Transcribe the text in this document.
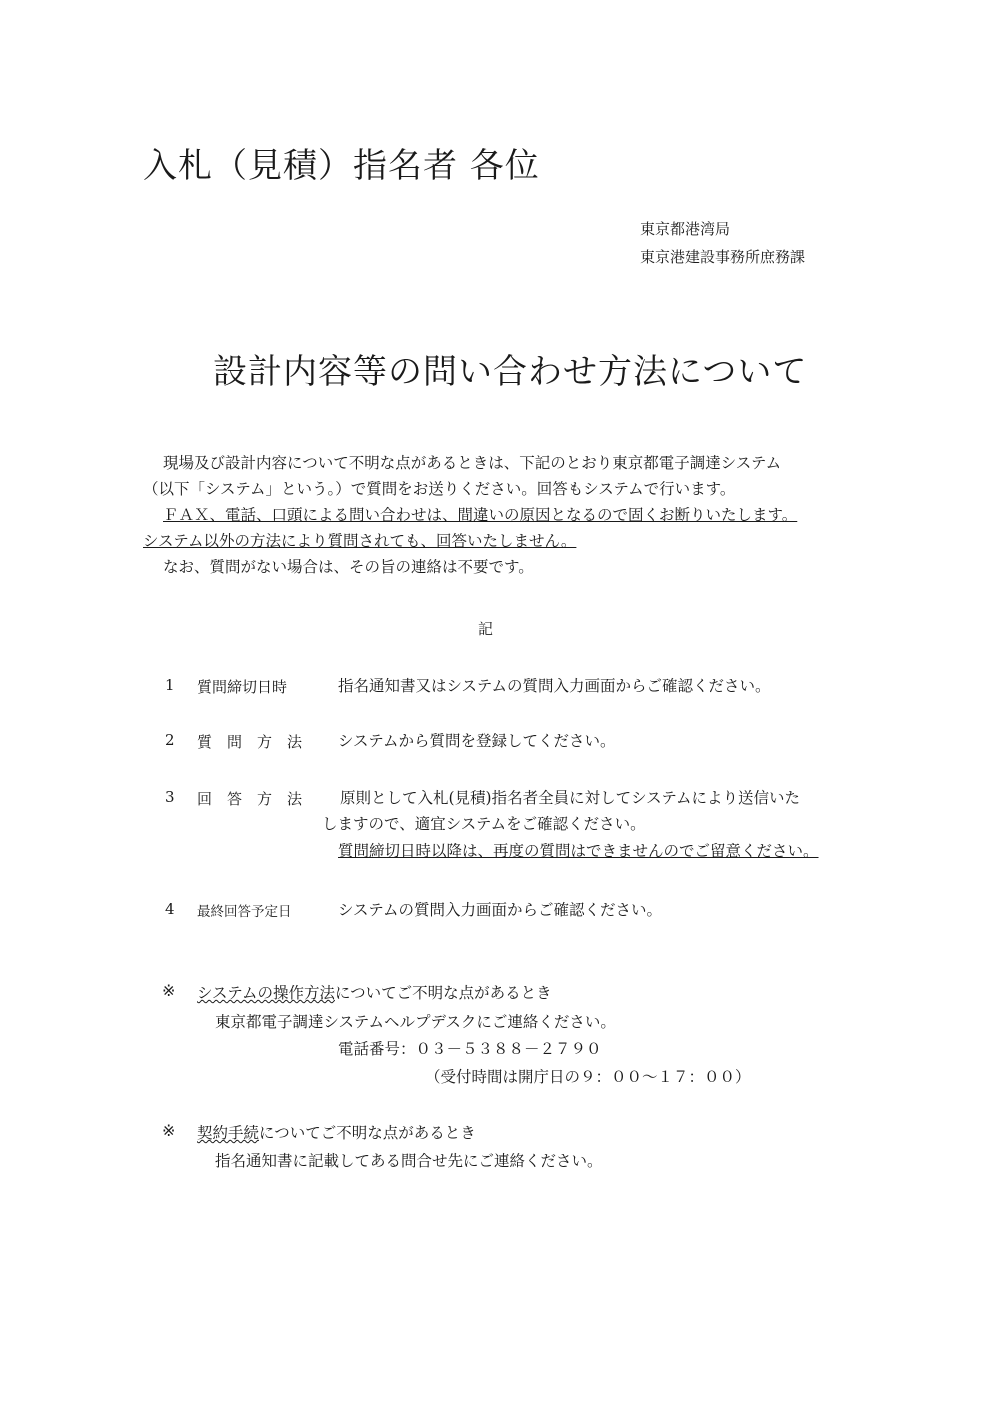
入札（見積）指名者 各位
東京都港湾局
東京港建設事務所庶務課
設計内容等の問い合わせ方法について

現場及び設計内容について不明な点があるときは、下記のとおり東京都電子調達システム

（以下「システム」という。）で質問をお送りください。回答もシステムで行います。

ＦＡＸ、電話、口頭による問い合わせは、間違いの原因となるので固くお断りいたします。

システム以外の方法により質問されても、回答いたしません。

なお、質問がない場合は、その旨の連絡は不要です。

記
1 質問締切日時	指名通知書又はシステムの質問入力画面からご確認ください。
2 質　問　方　法 システムから質問を登録してください。
3 回　答　方　法 原則として入札(見積)指名者全員に対してシステムにより送信いた
しますので、適宜システムをご確認ください。
質問締切日時以降は、再度の質問はできませんのでご留意ください。
4 最終回答予定日	システムの質問入力画面からご確認ください。
※ システムの操作方法についてご不明な点があるとき
東京都電子調達システムヘルプデスクにご連絡ください。
電話番号：０３－５３８８－２７９０
（受付時間は開庁日の９：００～１７：００）
※ 契約手続についてご不明な点があるとき
指名通知書に記載してある問合せ先にご連絡ください。
